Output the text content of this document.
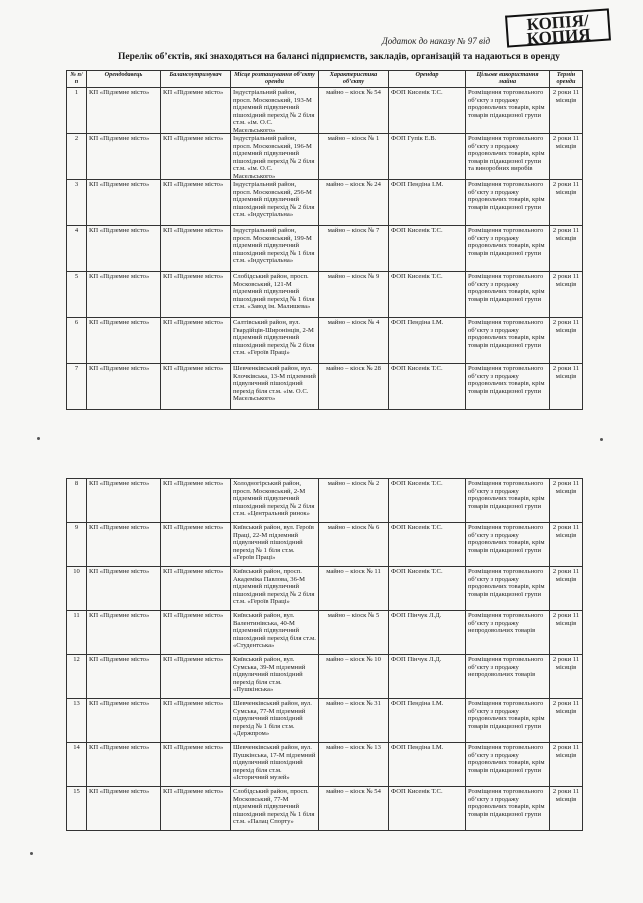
КОПІЯ/КОПИЯ
Додаток до наказу № 97 від
Перелік об’єктів, які знаходяться на балансі підприємств, закладів, організацій та надаються в оренду
№ п/п	Орендодавець	Балансоутримувач	Місце розташування об’єкту оренди	Характеристика об’єкту	Орендар	Цільове використання майна	Термін оренди

1	КП «Підземне місто»	КП «Підземне місто»	Індустріальний район, просп. Московський, 193-М підземний підвуличний пішохідний перехід № 2 біля ст.м. «ім. О.С. Масельського»	майно – кіоск № 54	ФОП Кисенік Т.С.	Розміщення торговельного об’єкту з продажу продовольчих товарів, крім товарів підакцизної групи	2 роки 11 місяців

2	КП «Підземне місто»	КП «Підземне місто»	Індустріальний район, просп. Московський, 196-М підземний підвуличний пішохідний перехід № 2 біля ст.м. «ім. О.С. Масельського»	майно – кіоск № 1	ФОП Гупік Е.В.	Розміщення торговельного об’єкту з продажу продовольчих товарів, крім товарів підакцизної групи та виноробних виробів	2 роки 11 місяців

3	КП «Підземне місто»	КП «Підземне місто»	Індустріальний район, просп. Московський, 256-М підземний підвуличний пішохідний перехід № 2 біля ст.м. «Індустріальна»	майно – кіоск № 24	ФОП Пендіна І.М.	Розміщення торговельного об’єкту з продажу продовольчих товарів, крім товарів підакцизної групи	2 роки 11 місяців

4	КП «Підземне місто»	КП «Підземне місто»	Індустріальний район, просп. Московський, 199-М підземний підвуличний пішохідний перехід № 1 біля ст.м. «Індустріальна»	майно – кіоск № 7	ФОП Кисенік Т.С.	Розміщення торговельного об’єкту з продажу продовольчих товарів, крім товарів підакцизної групи	2 роки 11 місяців

5	КП «Підземне місто»	КП «Підземне місто»	Слобідський район, просп. Московський, 121-М підземний підвуличний пішохідний перехід № 1 біля ст.м. «Завод ім. Малишева»	майно – кіоск № 9	ФОП Кисенік Т.С.	Розміщення торговельного об’єкту з продажу продовольчих товарів, крім товарів підакцизної групи	2 роки 11 місяців

6	КП «Підземне місто»	КП «Підземне місто»	Салтівський район, вул. Гвардійців-Широнінців, 2-М підземний підвуличний пішохідний перехід № 2 біля ст.м. «Героїв Праці»	майно – кіоск № 4	ФОП Пендіна І.М.	Розміщення торговельного об’єкту з продажу продовольчих товарів, крім товарів підакцизної групи	2 роки 11 місяців

7	КП «Підземне місто»	КП «Підземне місто»	Шевченківський район, вул. Клочківська, 13-М підземний підвуличний пішохідний перехід біля ст.м. «ім. О.С. Масельського»	майно – кіоск № 28	ФОП Кисенік Т.С.	Розміщення торговельного об’єкту з продажу продовольчих товарів, крім товарів підакцизної групи	2 роки 11 місяців
8	КП «Підземне місто»	КП «Підземне місто»	Холодногірський район, просп. Московський, 2-М підземний підвуличний пішохідний перехід № 2 біля ст.м. «Центральний ринок»	майно – кіоск № 2	ФОП Кисенік Т.С.	Розміщення торговельного об’єкту з продажу продовольчих товарів, крім товарів підакцизної групи	2 роки 11 місяців

9	КП «Підземне місто»	КП «Підземне місто»	Київський район, вул. Героїв Праці, 22-М підземний підвуличний пішохідний перехід № 1 біля ст.м. «Героїв Праці»	майно – кіоск № 6	ФОП Кисенік Т.С.	Розміщення торговельного об’єкту з продажу продовольчих товарів, крім товарів підакцизної групи	2 роки 11 місяців

10	КП «Підземне місто»	КП «Підземне місто»	Київський район, просп. Академіка Павлова, 36-М підземний підвуличний пішохідний перехід № 2 біля ст.м. «Героїв Праці»	майно – кіоск № 11	ФОП Кисенік Т.С.	Розміщення торговельного об’єкту з продажу продовольчих товарів, крім товарів підакцизної групи	2 роки 11 місяців

11	КП «Підземне місто»	КП «Підземне місто»	Київський район, вул. Валентинівська, 40-М підземний підвуличний пішохідний перехід біля ст.м. «Студентська»	майно – кіоск № 5	ФОП Пінчук Л.Д.	Розміщення торговельного об’єкту з продажу непродовольчих товарів	2 роки 11 місяців

12	КП «Підземне місто»	КП «Підземне місто»	Київський район, вул. Сумська, 39-М підземний підвуличний пішохідний перехід біля ст.м. «Пушкінська»	майно – кіоск № 10	ФОП Пінчук Л.Д.	Розміщення торговельного об’єкту з продажу непродовольчих товарів	2 роки 11 місяців

13	КП «Підземне місто»	КП «Підземне місто»	Шевченківський район, вул. Сумська, 77-М підземний підвуличний пішохідний перехід № 1 біля ст.м. «Держпром»	майно – кіоск № 31	ФОП Пендіна І.М.	Розміщення торговельного об’єкту з продажу продовольчих товарів, крім товарів підакцизної групи	2 роки 11 місяців

14	КП «Підземне місто»	КП «Підземне місто»	Шевченківський район, вул. Пушкінська, 17-М підземний підвуличний пішохідний перехід біля ст.м. «Історичний музей»	майно – кіоск № 13	ФОП Пендіна І.М.	Розміщення торговельного об’єкту з продажу продовольчих товарів, крім товарів підакцизної групи	2 роки 11 місяців

15	КП «Підземне місто»	КП «Підземне місто»	Слобідський район, просп. Московський, 77-М підземний підвуличний пішохідний перехід № 1 біля ст.м. «Палац Спорту»	майно – кіоск № 54	ФОП Кисенік Т.С.	Розміщення торговельного об’єкту з продажу продовольчих товарів, крім товарів підакцизної групи	2 роки 11 місяців
